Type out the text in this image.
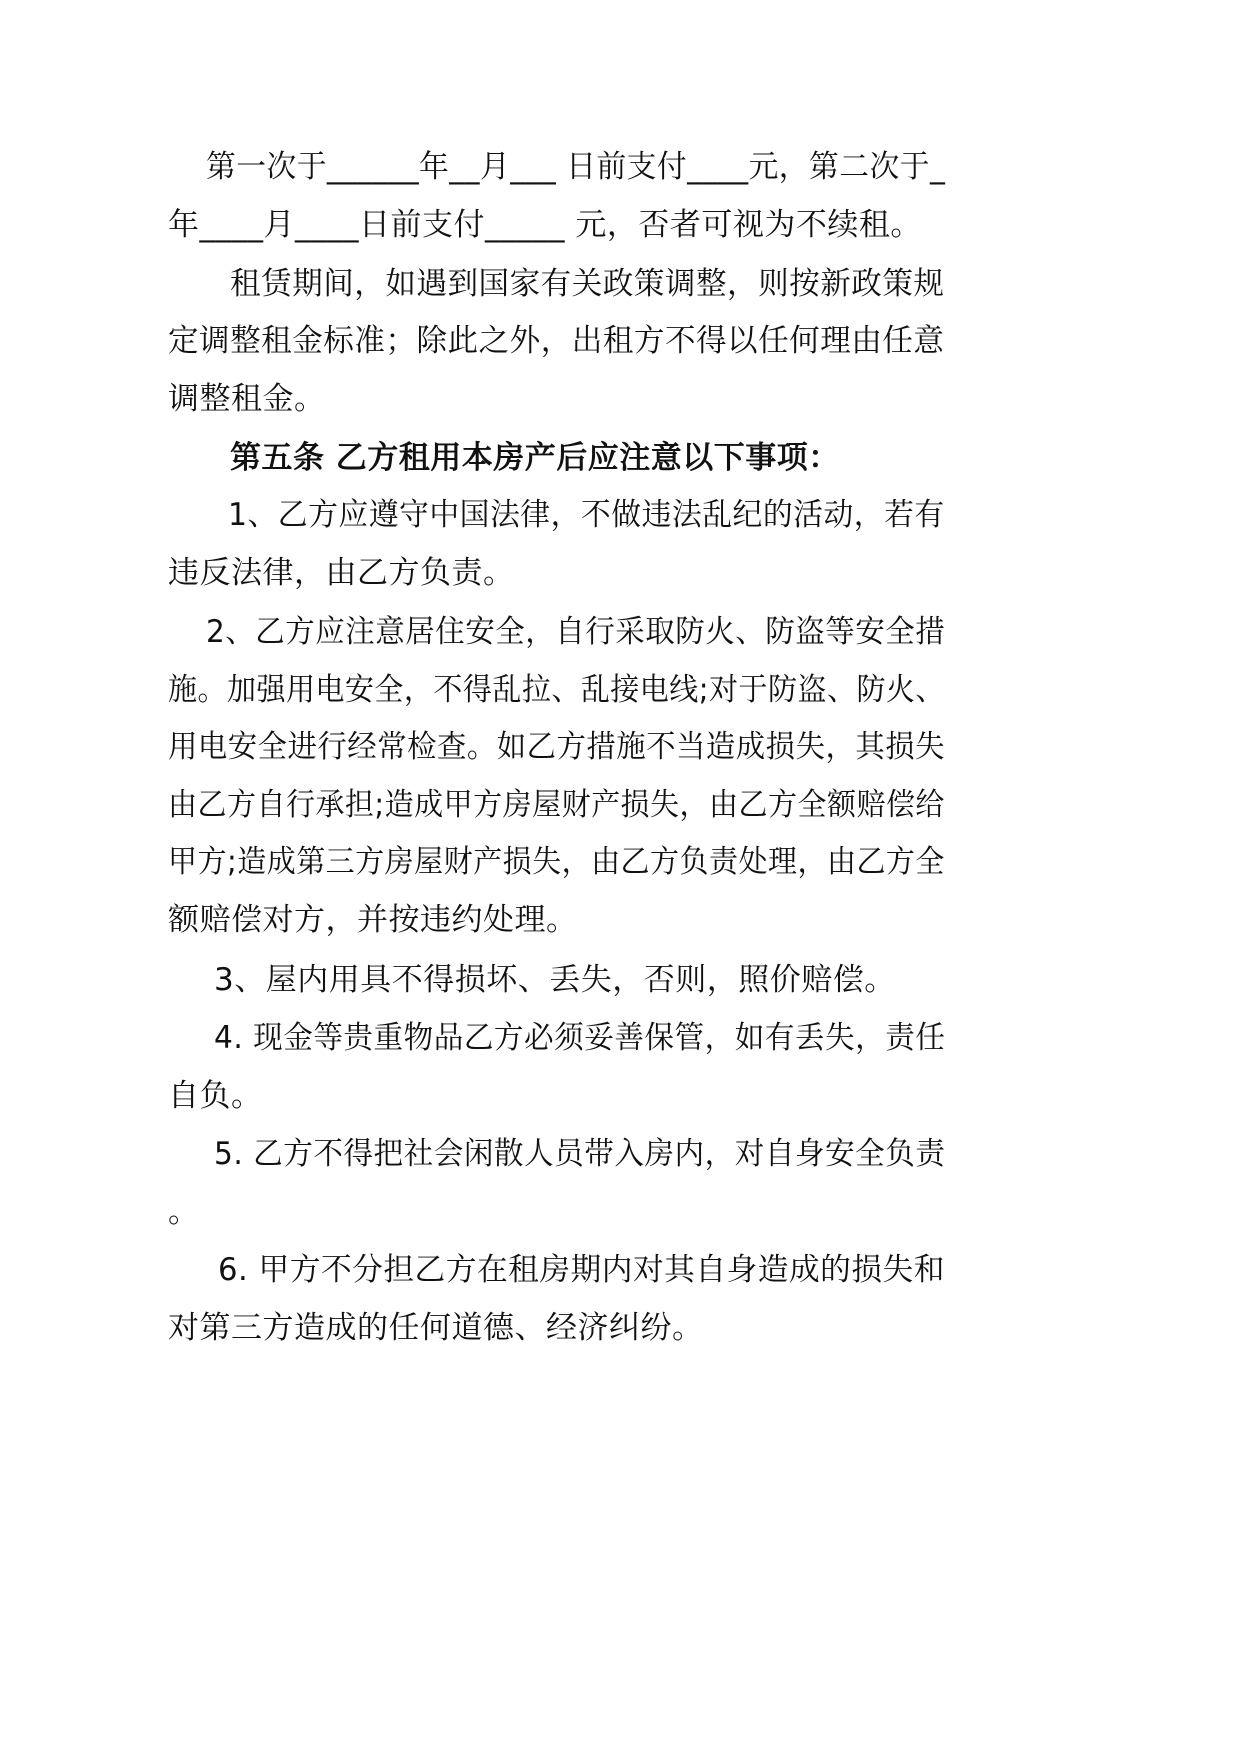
第一次于______年__月___ 日前支付____元，第二次于_
年____月____日前支付_____ 元，否者可视为不续租。
租赁期间，如遇到国家有关政策调整，则按新政策规
定调整租金标准；除此之外，出租方不得以任何理由任意
调整租金。
第五条 乙方租用本房产后应注意以下事项：
1、乙方应遵守中国法律，不做违法乱纪的活动，若有
违反法律，由乙方负责。
2、乙方应注意居住安全，自行采取防火、防盗等安全措
施。加强用电安全，不得乱拉、乱接电线;对于防盗、防火、
用电安全进行经常检查。如乙方措施不当造成损失，其损失
由乙方自行承担;造成甲方房屋财产损失，由乙方全额赔偿给
甲方;造成第三方房屋财产损失，由乙方负责处理，由乙方全
额赔偿对方，并按违约处理。
3、屋内用具不得损坏、丢失，否则，照价赔偿。
4. 现金等贵重物品乙方必须妥善保管，如有丢失，责任
自负。
5. 乙方不得把社会闲散人员带入房内，对自身安全负责
。
6. 甲方不分担乙方在租房期内对其自身造成的损失和
对第三方造成的任何道德、经济纠纷。
